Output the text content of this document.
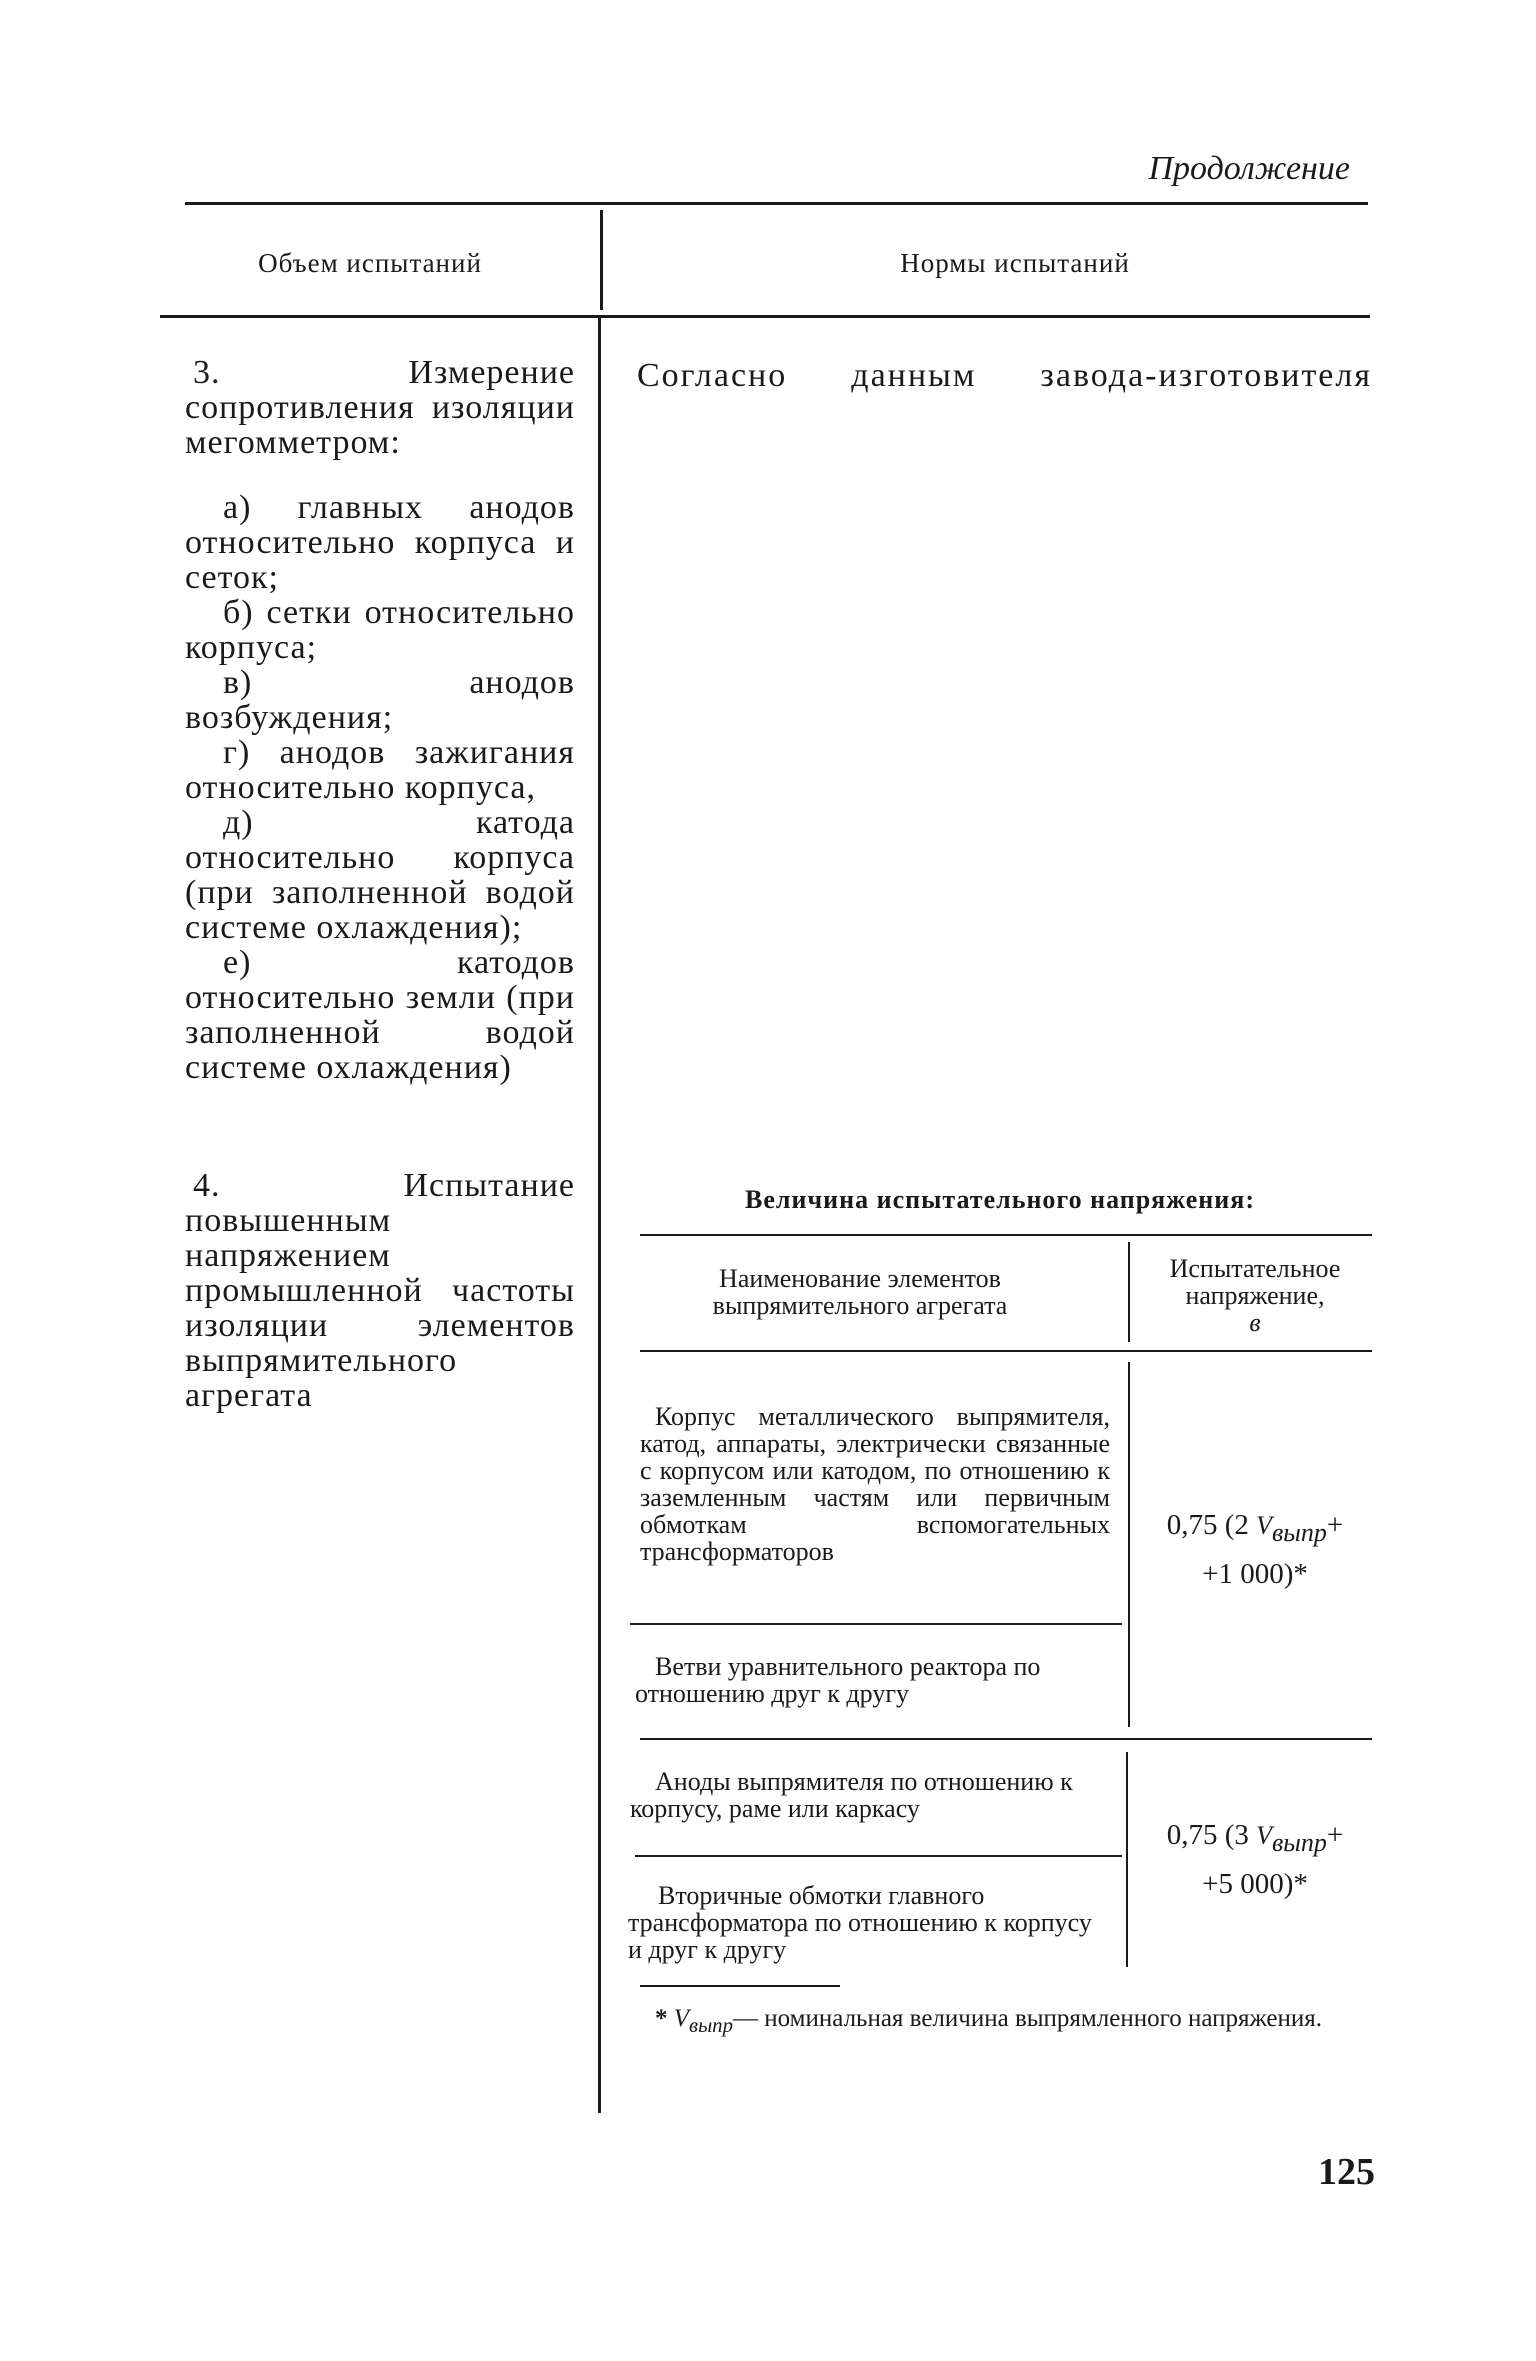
Продолжение
Объем испытаний	Нормы испытаний

3. Измерение сопротивления изоляции мегомметром:

а) главных анодов относительно корпуса и сеток;

б) сетки относительно корпуса;

в) анодов возбуждения;

г) анодов зажигания относительно корпуса,

д) катода относительно корпуса (при заполненной водой системе охлаждения);

е) катодов относительно земли (при заполненной водой системе охлаждения)

Согласно данным завода-изготовителя
4. Испытание повышенным напряжением промышленной частоты изоляции элементов выпрямительного агрегата
Величина испытательного напряжения:
Наименование элементов выпрямительного агрегата
Испытательное напряжение,
в
Корпус металлического выпрямителя, катод, аппараты, электрически связанные с корпусом или катодом, по отношению к заземленным частям или первичным обмоткам вспомогательных трансформаторов
Ветви уравнительного реактора по отношению друг к другу
0,75 (2 $V_{выпр}+$
+1 000)*
Аноды выпрямителя по отношению к корпусу, раме или каркасу
Вторичные обмотки главного трансформатора по отношению к корпусу и друг к другу
0,75 (3 $V_{выпр}+$
+5 000)*
* $V_{выпр}—$ номинальная величина выпрямленного напряжения.
125
